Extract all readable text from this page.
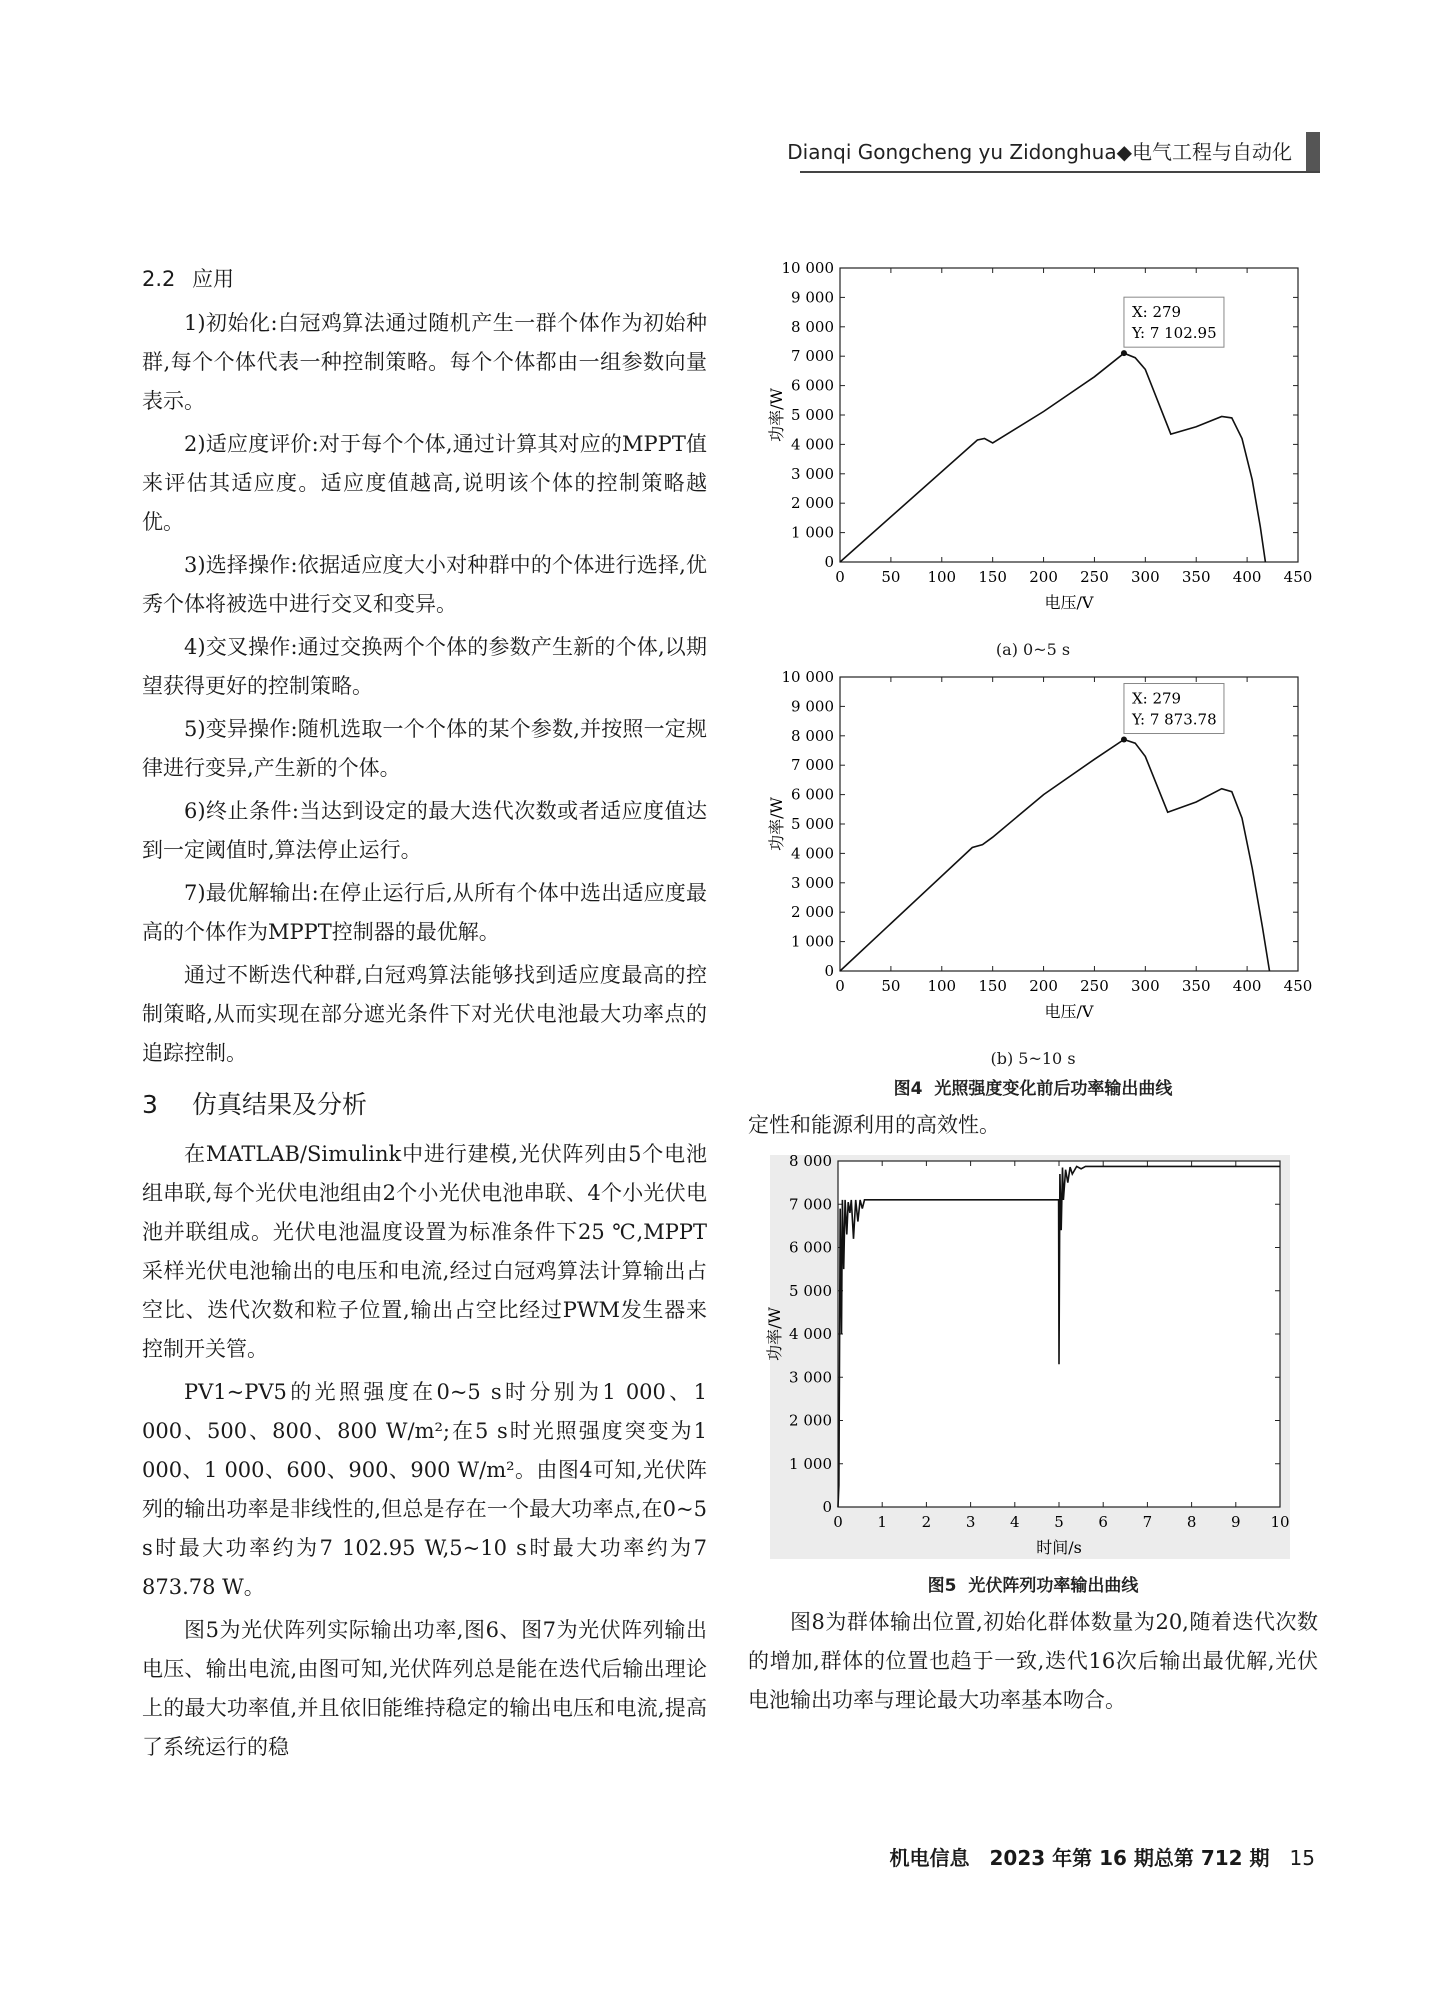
Dianqi Gongcheng yu Zidonghua◆电气工程与自动化
2.2 应用

1)初始化:白冠鸡算法通过随机产生一群个体作为初始种群,每个个体代表一种控制策略。每个个体都由一组参数向量表示。

2)适应度评价:对于每个个体,通过计算其对应的MPPT值来评估其适应度。适应度值越高,说明该个体的控制策略越优。

3)选择操作:依据适应度大小对种群中的个体进行选择,优秀个体将被选中进行交叉和变异。

4)交叉操作:通过交换两个个体的参数产生新的个体,以期望获得更好的控制策略。

5)变异操作:随机选取一个个体的某个参数,并按照一定规律进行变异,产生新的个体。

6)终止条件:当达到设定的最大迭代次数或者适应度值达到一定阈值时,算法停止运行。

7)最优解输出:在停止运行后,从所有个体中选出适应度最高的个体作为MPPT控制器的最优解。

通过不断迭代种群,白冠鸡算法能够找到适应度最高的控制策略,从而实现在部分遮光条件下对光伏电池最大功率点的追踪控制。

3 仿真结果及分析

在MATLAB/Simulink中进行建模,光伏阵列由5个电池组串联,每个光伏电池组由2个小光伏电池串联、4个小光伏电池并联组成。光伏电池温度设置为标准条件下25 ℃,MPPT采样光伏电池输出的电压和电流,经过白冠鸡算法计算输出占空比、迭代次数和粒子位置,输出占空比经过PWM发生器来控制开关管。

PV1~PV5的光照强度在0~5 s时分别为1 000、1 000、500、800、800 W/m²;在5 s时光照强度突变为1 000、1 000、600、900、900 W/m²。由图4可知,光伏阵列的输出功率是非线性的,但总是存在一个最大功率点,在0~5 s时最大功率约为7 102.95 W,5~10 s时最大功率约为7 873.78 W。

图5为光伏阵列实际输出功率,图6、图7为光伏阵列输出电压、输出电流,由图可知,光伏阵列总是能在迭代后输出理论上的最大功率值,并且依旧能维持稳定的输出电压和电流,提高了系统运行的稳

0 50 100 150 200 250 300 350 400 450
0
1 000
2 000
3 000
4 000
5 000
6 000
7 000
8 000
9 000
10 000
电压/V
功率/W
X: 279
Y: 7 102.95
(a) 0~5 s
0 50 100 150 200 250 300 350 400 450
0
1 000
2 000
3 000
4 000
5 000
6 000
7 000
8 000
9 000
10 000
电压/V
功率/W
X: 279
Y: 7 873.78
(b) 5~10 s
图4 光照强度变化前后功率输出曲线

定性和能源利用的高效性。

0 1 2 3 4 5 6 7 8 9 10
0
1 000
2 000
3 000
4 000
5 000
6 000
7 000
8 000
时间/s
功率/W
图5 光伏阵列功率输出曲线

图8为群体输出位置,初始化群体数量为20,随着迭代次数的增加,群体的位置也趋于一致,迭代16次后输出最优解,光伏电池输出功率与理论最大功率基本吻合。

机电信息　2023 年第 16 期总第 712 期 15
